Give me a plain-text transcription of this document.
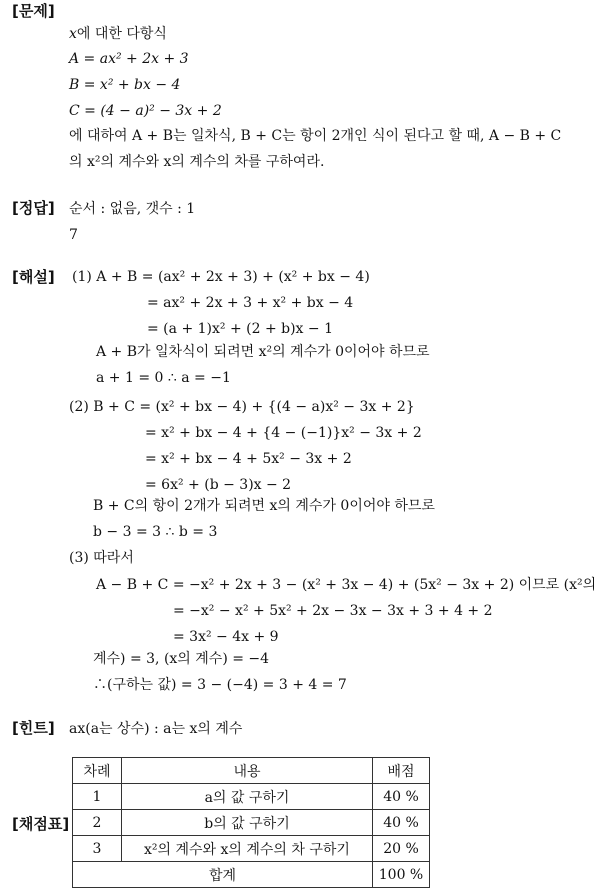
[문제]
x에 대한 다항식
A = ax² + 2x + 3
B = x² + bx − 4
C = (4 − a)² − 3x + 2
에 대하여 A + B는 일차식, B + C는 항이 2개인 식이 된다고 할 때, A − B + C
의 x²의 계수와 x의 계수의 차를 구하여라.
[정답] 순서 : 없음, 갯수 : 1
7
[해설] (1) A + B = (ax² + 2x + 3) + (x² + bx − 4)
= ax² + 2x + 3 + x² + bx − 4
= (a + 1)x² + (2 + b)x − 1
A + B가 일차식이 되려면 x²의 계수가 0이어야 하므로
a + 1 = 0 ∴ a = −1
(2) B + C = (x² + bx − 4) + {(4 − a)x² − 3x + 2}
= x² + bx − 4 + {4 − (−1)}x² − 3x + 2
= x² + bx − 4 + 5x² − 3x + 2
= 6x² + (b − 3)x − 2
B + C의 항이 2개가 되려면 x의 계수가 0이어야 하므로
b − 3 = 3 ∴ b = 3
(3) 따라서
A − B + C = −x² + 2x + 3 − (x² + 3x − 4) + (5x² − 3x + 2) 이므로 (x²의
= −x² − x² + 5x² + 2x − 3x − 3x + 3 + 4 + 2
= 3x² − 4x + 9
계수) = 3, (x의 계수) = −4
∴(구하는 값) = 3 − (−4) = 3 + 4 = 7
[힌트] ax(a는 상수) : a는 x의 계수
[채점표]
차례	내용	배점
1	a의 값 구하기	40 %
2	b의 값 구하기	40 %
3	x²의 계수와 x의 계수의 차 구하기	20 %
합계		100 %
